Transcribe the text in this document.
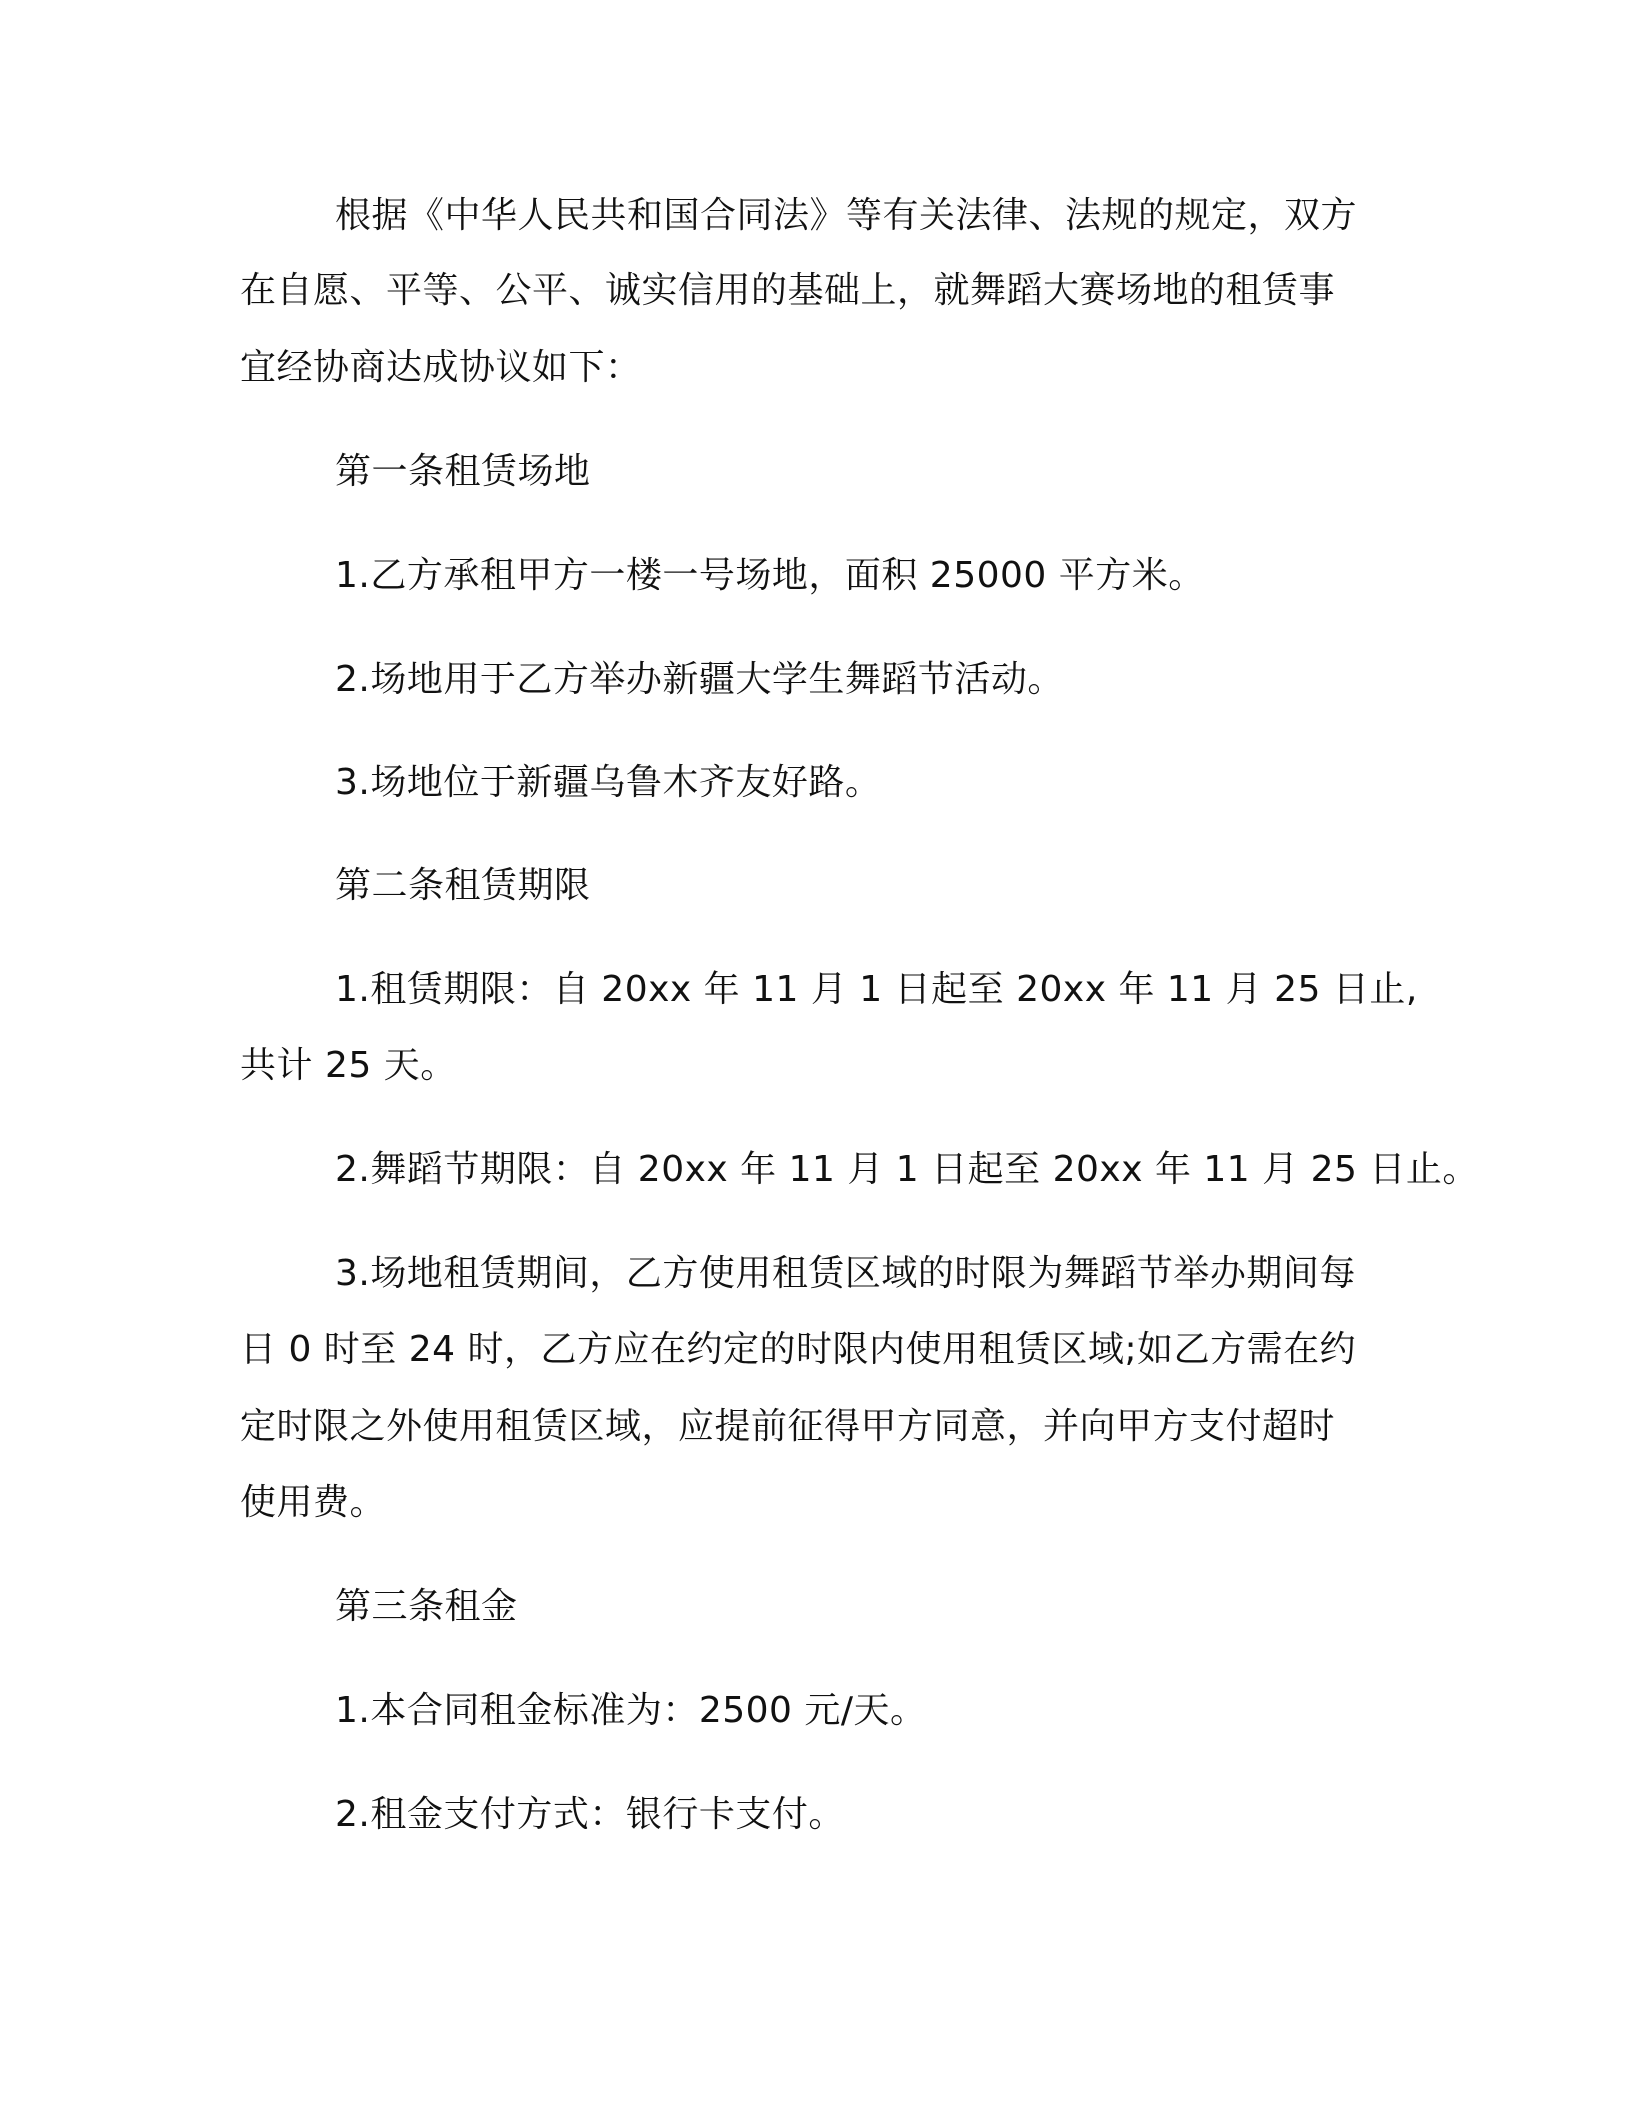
根据《中华人民共和国合同法》等有关法律、法规的规定，双方
在自愿、平等、公平、诚实信用的基础上，就舞蹈大赛场地的租赁事
宜经协商达成协议如下：
第一条租赁场地
1.乙方承租甲方一楼一号场地，面积 25000 平方米。
2.场地用于乙方举办新疆大学生舞蹈节活动。
3.场地位于新疆乌鲁木齐友好路。
第二条租赁期限
1.租赁期限：自 20xx 年 11 月 1 日起至 20xx 年 11 月 25 日止,
共计 25 天。
2.舞蹈节期限：自 20xx 年 11 月 1 日起至 20xx 年 11 月 25 日止。
3.场地租赁期间，乙方使用租赁区域的时限为舞蹈节举办期间每
日 0 时至 24 时，乙方应在约定的时限内使用租赁区域;如乙方需在约
定时限之外使用租赁区域，应提前征得甲方同意，并向甲方支付超时
使用费。
第三条租金
1.本合同租金标准为：2500 元/天。
2.租金支付方式：银行卡支付。
